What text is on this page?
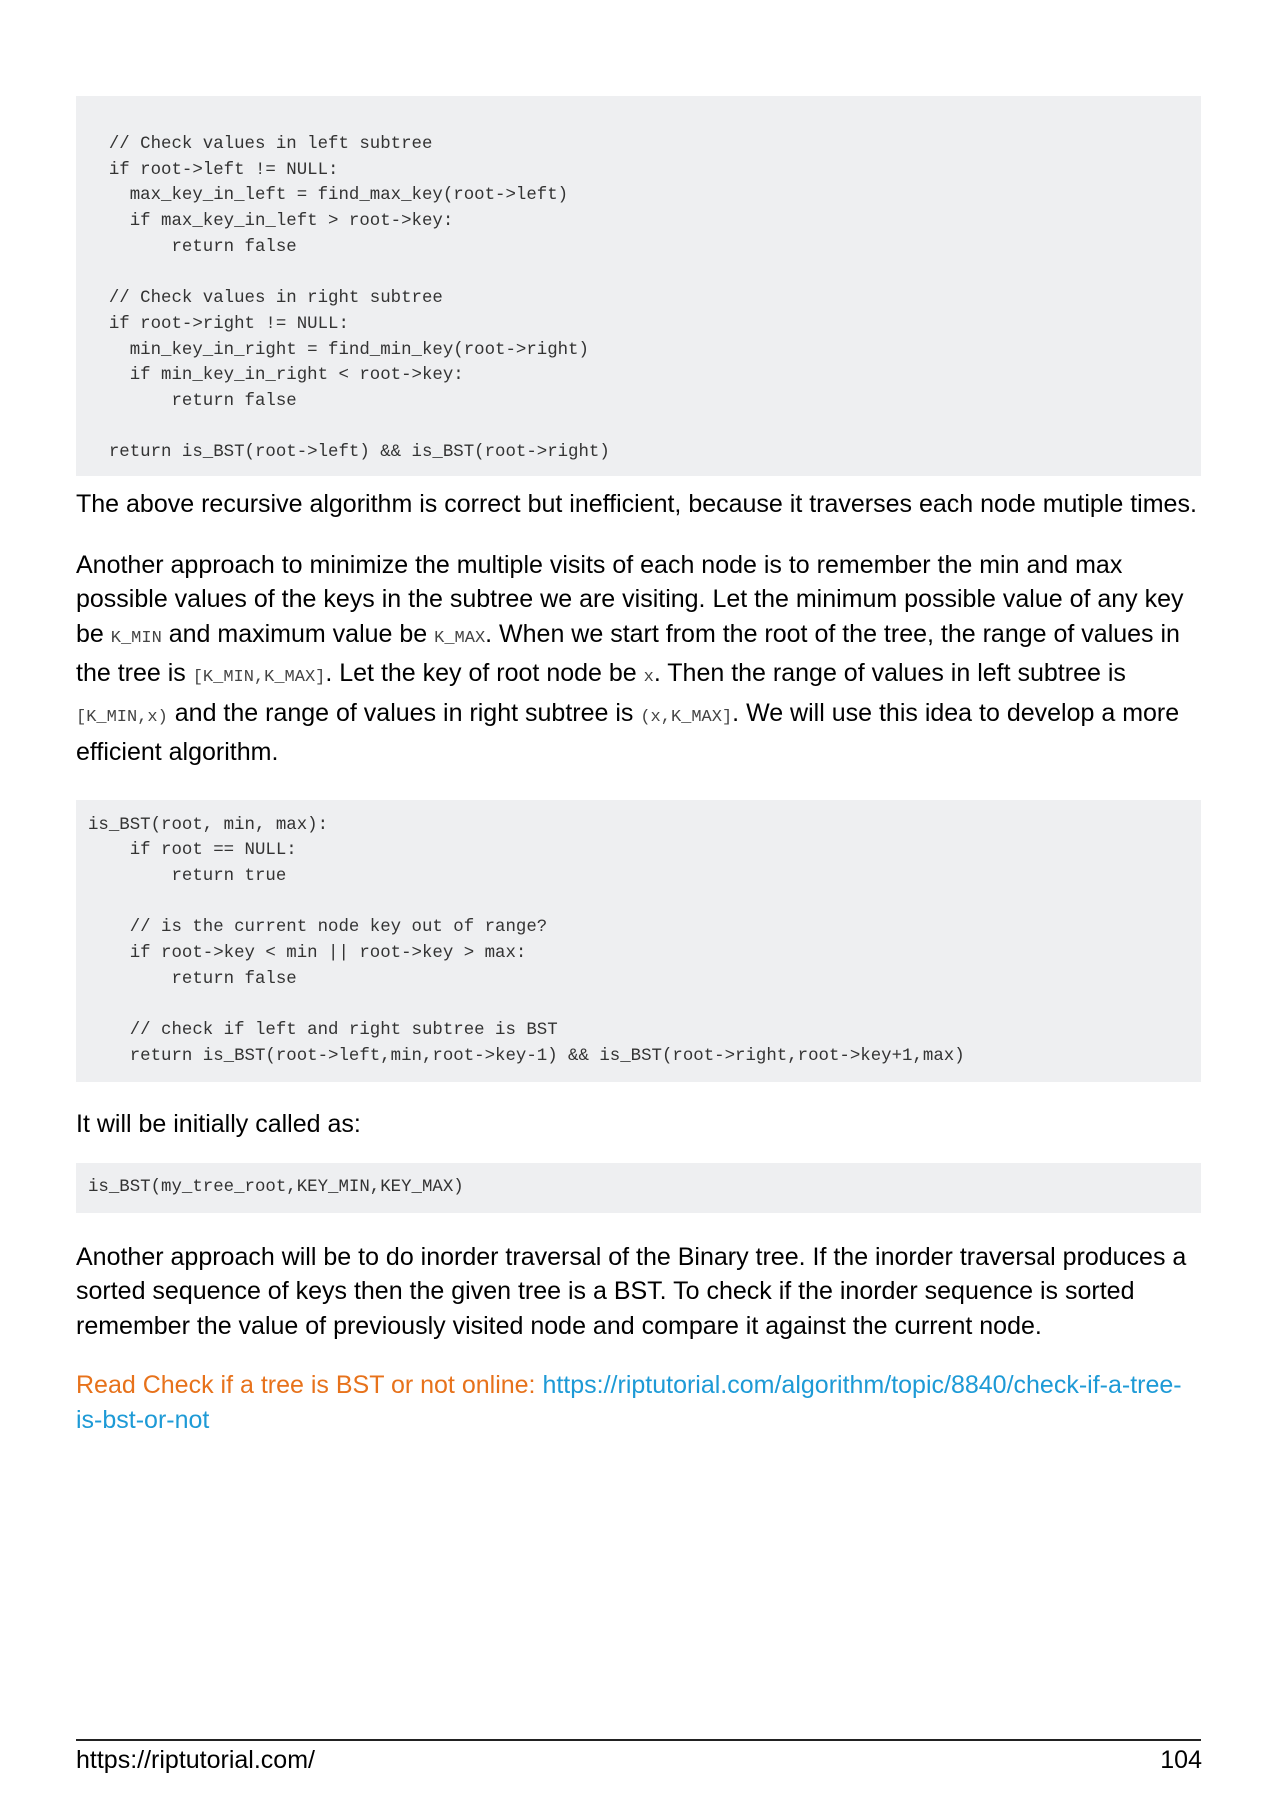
// Check values in left subtree
if root->left != NULL:
max_key_in_left = find_max_key(root->left)
if max_key_in_left > root->key:
return false

// Check values in right subtree
if root->right != NULL:
min_key_in_right = find_min_key(root->right)
if min_key_in_right < root->key:
return false

return is_BST(root->left) && is_BST(root->right)

The above recursive algorithm is correct but inefficient, because it traverses each node mutiple times.

Another approach to minimize the multiple visits of each node is to remember the min and max possible values of the keys in the subtree we are visiting. Let the minimum possible value of any key be K_MIN and maximum value be K_MAX. When we start from the root of the tree, the range of values in the tree is [K_MIN,K_MAX]. Let the key of root node be x. Then the range of values in left subtree is [K_MIN,x) and the range of values in right subtree is (x,K_MAX]. We will use this idea to develop a more efficient algorithm.

is_BST(root, min, max):
if root == NULL:
return true

// is the current node key out of range?
if root->key < min || root->key > max:
return false

// check if left and right subtree is BST
return is_BST(root->left,min,root->key-1) && is_BST(root->right,root->key+1,max)

It will be initially called as:

is_BST(my_tree_root,KEY_MIN,KEY_MAX)

Another approach will be to do inorder traversal of the Binary tree. If the inorder traversal produces a sorted sequence of keys then the given tree is a BST. To check if the inorder sequence is sorted remember the value of previously visited node and compare it against the current node.

Read Check if a tree is BST or not online: https://riptutorial.com/algorithm/topic/8840/check-if-a-tree-is-bst-or-not

https://riptutorial.com/	104
